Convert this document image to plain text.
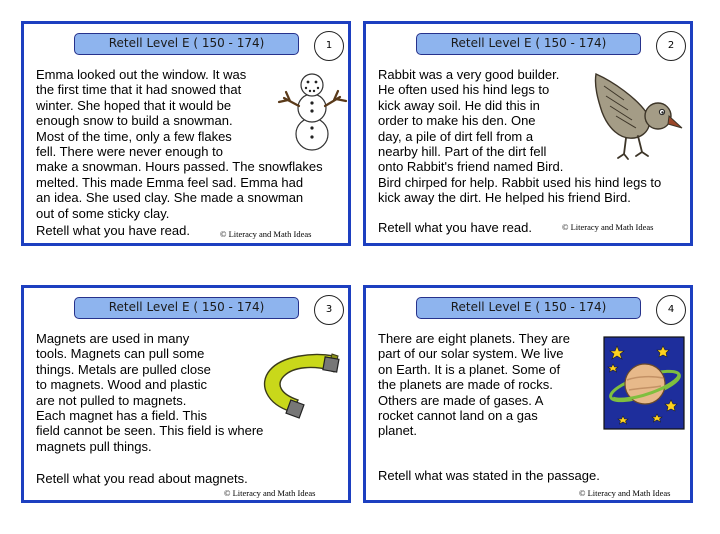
Retell Level E ( 150 - 174)	1
Emma looked out the window. It was
the first time that it had snowed that
winter. She hoped that it would be
enough snow to build a snowman.
Most of the time, only a few flakes
fell. There were never enough to
make a snowman. Hours passed. The snowflakes
melted. This made Emma feel sad. Emma had
an idea. She used clay. She made a snowman
out of some sticky clay.
Retell what you have read.	© Literacy and Math Ideas
Retell Level E ( 150 - 174)	2
Rabbit was a very good builder.
He often used his hind legs to
kick away soil. He did this in
order to make his den. One
day, a pile of dirt fell from a
nearby hill. Part of the dirt fell
onto Rabbit's friend named Bird.
Bird chirped for help. Rabbit used his hind legs to
kick away the dirt. He helped his friend Bird.
Retell what you have read.	© Literacy and Math Ideas
Retell Level E ( 150 - 174)	3
Magnets are used in many
tools. Magnets can pull some
things. Metals are pulled close
to magnets. Wood and plastic
are not pulled to magnets.
Each magnet has a field. This
field cannot be seen. This field is where
magnets pull things.
Retell what you read about magnets.
© Literacy and Math Ideas
Retell Level E ( 150 - 174)	4
There are eight planets. They are
part of our solar system. We live
on Earth. It is a planet. Some of
the planets are made of rocks.
Others are made of gases. A
rocket cannot land on a gas
planet.
Retell what was stated in the passage.
© Literacy and Math Ideas
